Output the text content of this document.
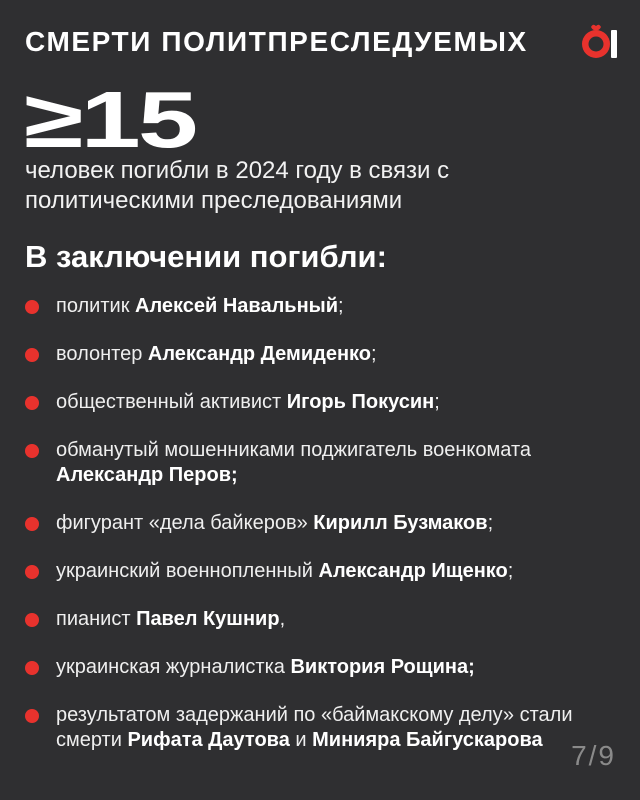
СМЕРТИ ПОЛИТПРЕСЛЕДУЕМЫХ
≥15
человек погибли в 2024 году в связи с политическими преследованиями
В заключении погибли:
политик Алексей Навальный;
волонтер Александр Демиденко;
общественный активист Игорь Покусин;
обманутый мошенниками поджигатель военкомата Александр Перов;
фигурант «дела байкеров» Кирилл Бузмаков;
украинский военнопленный Александр Ищенко;
пианист Павел Кушнир,
украинская журналистка Виктория Рощина;
результатом задержаний по «баймакскому делу» стали смерти Рифата Даутова и Минияра Байгускарова	7/9
